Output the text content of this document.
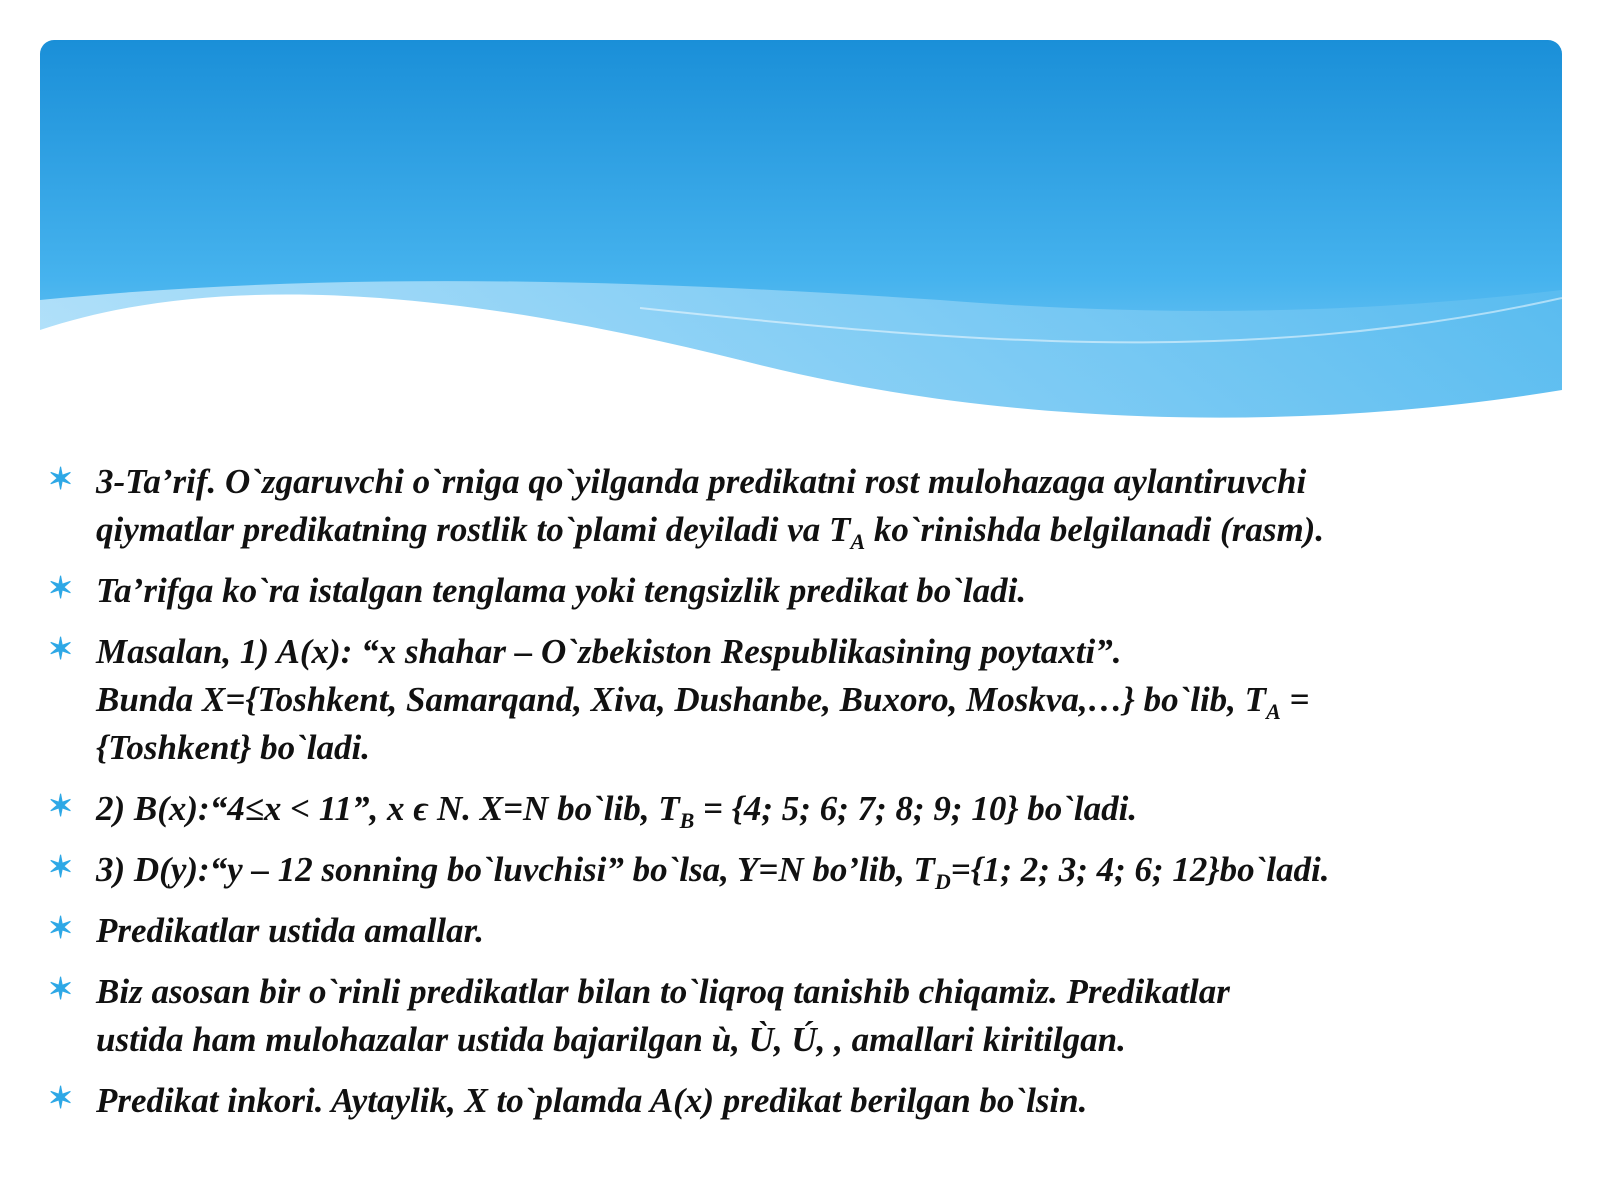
✶ 3-Ta’rif. O`zgaruvchi o`rniga qo`yilganda predikatni rost mulohazaga aylantiruvchi
qiymatlar predikatning rostlik to`plami deyiladi va $T_A$ ko`rinishda belgilanadi (rasm).
✶ Ta’rifga ko`ra istalgan tenglama yoki tengsizlik predikat bo`ladi.
✶ Masalan, 1) A(x): “x shahar – O`zbekiston Respublikasining poytaxti”.
Bunda X={Toshkent, Samarqand, Xiva, Dushanbe, Buxoro, Moskva,…} bo`lib, $T_A$ =
{Toshkent} bo`ladi.
✶ 2) B(x):“4≤x < 11”, x ϵ N. X=N bo`lib, $T_B = \{4$; 5; 6; 7; 8; 9; 10} bo`ladi.
✶ 3) D(y):“y – 12 sonning bo`luvchisi” bo`lsa, Y=N bo’lib, $T_D=\{1$; 2; 3; 4; 6; 12}bo`ladi.
✶ Predikatlar ustida amallar.
✶ Biz asosan bir o`rinli predikatlar bilan to`liqroq tanishib chiqamiz. Predikatlar
ustida ham mulohazalar ustida bajarilgan ù, Ù, Ú, , amallari kiritilgan.
✶ Predikat inkori. Aytaylik, X to`plamda A(x) predikat berilgan bo`lsin.
